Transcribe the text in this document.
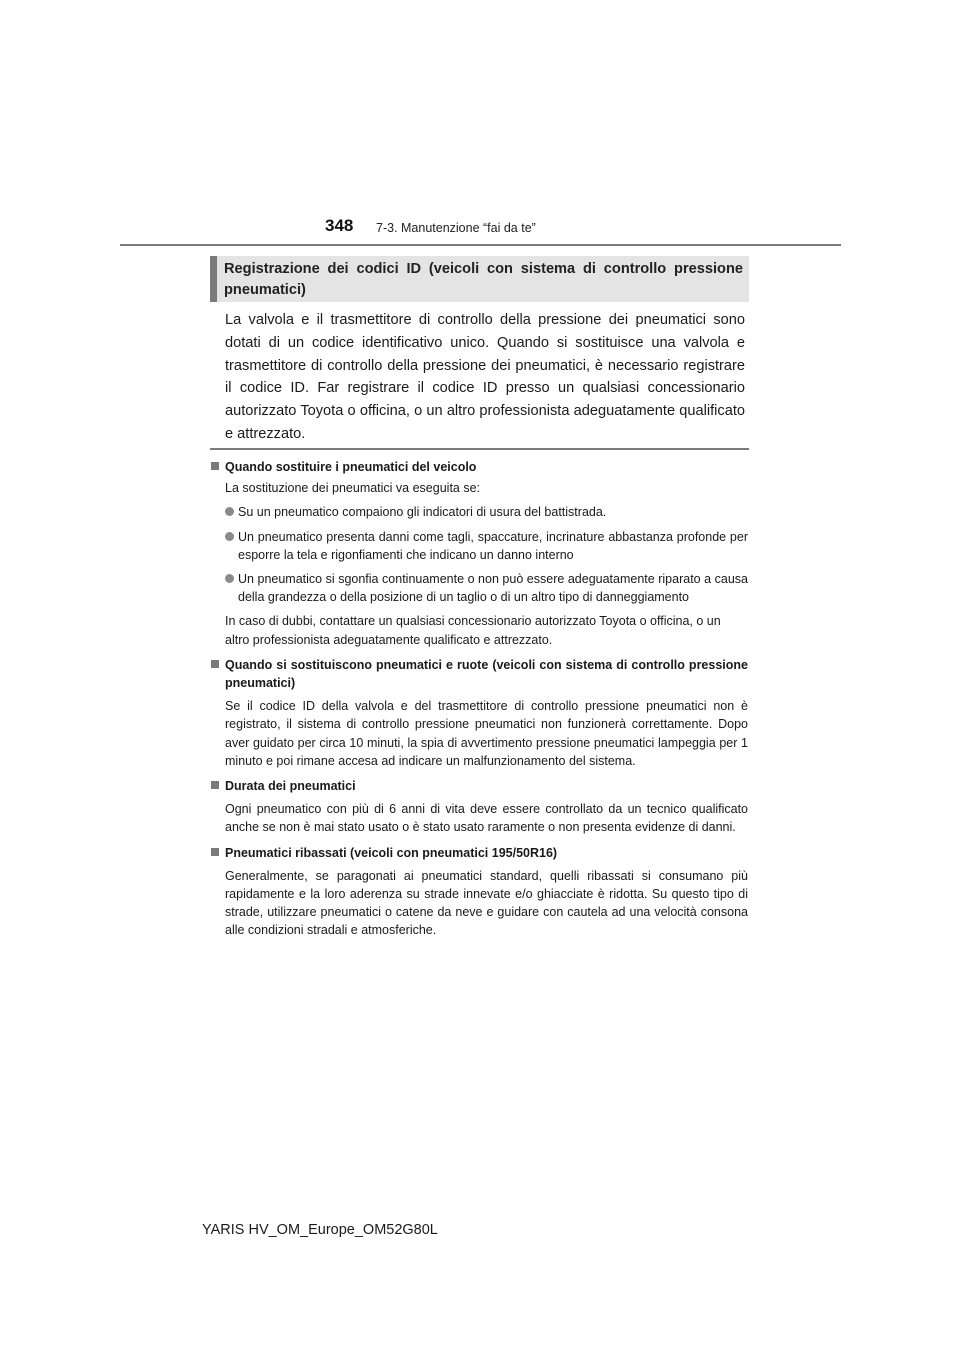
348 7-3. Manutenzione “fai da te”
Registrazione dei codici ID (veicoli con sistema di controllo pressione pneumatici)
La valvola e il trasmettitore di controllo della pressione dei pneumatici sono dotati di un codice identificativo unico. Quando si sostituisce una valvola e trasmettitore di controllo della pressione dei pneumatici, è necessario registrare il codice ID. Far registrare il codice ID presso un qualsiasi concessionario autorizzato Toyota o officina, o un altro professionista adeguatamente qualificato e attrezzato.
Quando sostituire i pneumatici del veicolo
La sostituzione dei pneumatici va eseguita se:
Su un pneumatico compaiono gli indicatori di usura del battistrada.
Un pneumatico presenta danni come tagli, spaccature, incrinature abbastanza profonde per esporre la tela e rigonfiamenti che indicano un danno interno
Un pneumatico si sgonfia continuamente o non può essere adeguatamente riparato a causa della grandezza o della posizione di un taglio o di un altro tipo di danneggiamento
In caso di dubbi, contattare un qualsiasi concessionario autorizzato Toyota o officina, o un altro professionista adeguatamente qualificato e attrezzato.
Quando si sostituiscono pneumatici e ruote (veicoli con sistema di controllo pressione pneumatici)
Se il codice ID della valvola e del trasmettitore di controllo pressione pneumatici non è registrato, il sistema di controllo pressione pneumatici non funzionerà correttamente. Dopo aver guidato per circa 10 minuti, la spia di avvertimento pressione pneumatici lampeggia per 1 minuto e poi rimane accesa ad indicare un malfunzionamento del sistema.
Durata dei pneumatici
Ogni pneumatico con più di 6 anni di vita deve essere controllato da un tecnico qualificato anche se non è mai stato usato o è stato usato raramente o non presenta evidenze di danni.
Pneumatici ribassati (veicoli con pneumatici 195/50R16)
Generalmente, se paragonati ai pneumatici standard, quelli ribassati si consumano più rapidamente e la loro aderenza su strade innevate e/o ghiacciate è ridotta. Su questo tipo di strade, utilizzare pneumatici o catene da neve e guidare con cautela ad una velocità consona alle condizioni stradali e atmosferiche.
YARIS HV_OM_Europe_OM52G80L
